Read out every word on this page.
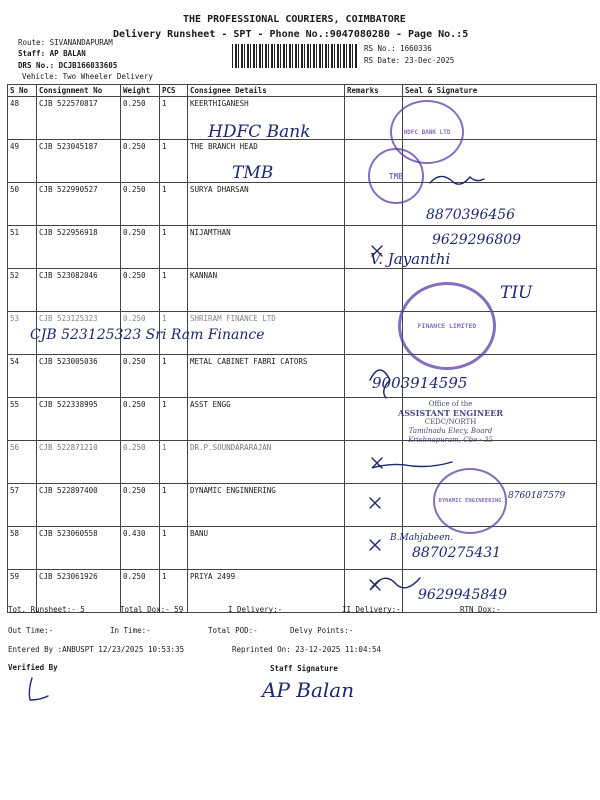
THE PROFESSIONAL COURIERS, COIMBATORE
Delivery Runsheet - SPT - Phone No.:9047080280 - Page No.:5
Route: SIVANANDAPURAM
Staff: AP BALAN
DRS No.: DCJB166033605
Vehicle: Two Wheeler Delivery
RS No.: 1660336
RS Date: 23-Dec-2025
S No	Consignment No	Weight	PCS	Consignee Details	Remarks	Seal & Signature
48	CJB 522570817	0.250	1	KEERTHIGANESH		
49	CJB 523045187	0.250	1	THE BRANCH HEAD		
50	CJB 522990527	0.250	1	SURYA DHARSAN		
51	CJB 522956918	0.250	1	NIJAMTHAN		
52	CJB 523082046	0.250	1	KANNAN		
53	CJB 523125323	0.250	1	SHRIRAM FINANCE LTD		
54	CJB 523005036	0.250	1	METAL CABINET FABRI CATORS		
55	CJB 522338995	0.250	1	ASST ENGG		
56	CJB 522871210	0.250	1	DR.P.SOUNDARARAJAN		
57	CJB 522897400	0.250	1	DYNAMIC ENGINNERING		
58	CJB 523060558	0.430	1	BANU		
59	CJB 523061926	0.250	1	PRIYA 2499		
HDFC BANK LTD
TMB
FINANCE LIMITED
Office of the
ASSISTANT ENGINEER
CEDC/NORTH
Tamilnadu Elecy. Board
Krishnapuram, Cbe - 35
DYNAMIC ENGINEERING
HDFC Bank
TMB
8870396456
9629296809
V. Jayanthi
CJB 523125323 Sri Ram Finance
TIU
9003914595
8760187579
B.Mahjabeen.
8870275431
9629945849
Tot. Runsheet:- 5	Total Dox:- 59	I Delivery:-	II Delivery:-	RTN Dox:-
Out Time:-	In Time:-	Total POD:-	Delvy Points:-
Entered By :ANBUSPT 12/23/2025 10:53:35	Reprinted On: 23-12-2025 11:04:54
Verified By	Staff Signature
AP Balan
